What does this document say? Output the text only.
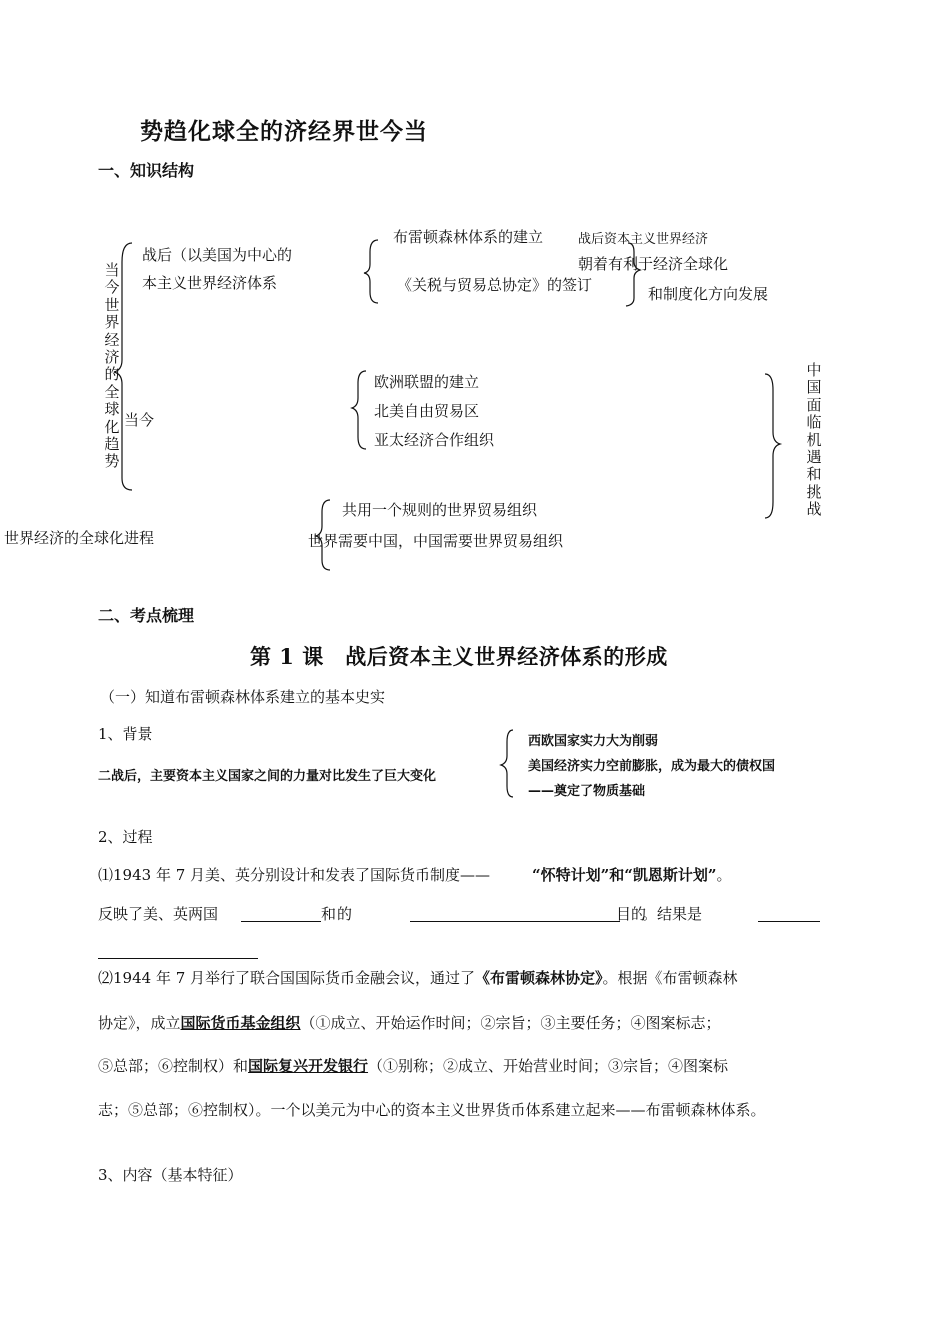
势趋化球全的济经界世今当
一、知识结构
当今世界经济的全球化趋势
战后（以美国为中心的
本主义世界经济体系
布雷顿森林体系的建立
《关税与贸易总协定》的签订
战后资本主义世界经济
朝着有利于经济全球化
和制度化方向发展
当今
欧洲联盟的建立
北美自由贸易区
亚太经济合作组织
世界经济的全球化进程
共用一个规则的世界贸易组织
世界需要中国，中国需要世界贸易组织
中国面临机遇和挑战
二、考点梳理
第 1 课　战后资本主义世界经济体系的形成
（一）知道布雷顿森林体系建立的基本史实
1、背景
二战后，主要资本主义国家之间的力量对比发生了巨大变化
西欧国家实力大为削弱
美国经济实力空前膨胀，成为最大的债权国
——奠定了物质基础
2、过程
⑴1943 年 7 月美、英分别设计和发表了国际货币制度——	“怀特计划”和“凯恩斯计划”。
反映了美、英两国	和 的	目的
。结果是
⑵1944 年 7 月举行了联合国国际货币金融会议，通过了《布雷顿森林协定》。根据《布雷顿森林
协定》，成立国际货币基金组织（①成立、开始运作时间；②宗旨；③主要任务；④图案标志；
⑤总部；⑥控制权）和国际复兴开发银行（①别称；②成立、开始营业时间；③宗旨；④图案标
志；⑤总部；⑥控制权）。一个以美元为中心的资本主义世界货币体系建立起来——布雷顿森林体系。
3、内容（基本特征）
